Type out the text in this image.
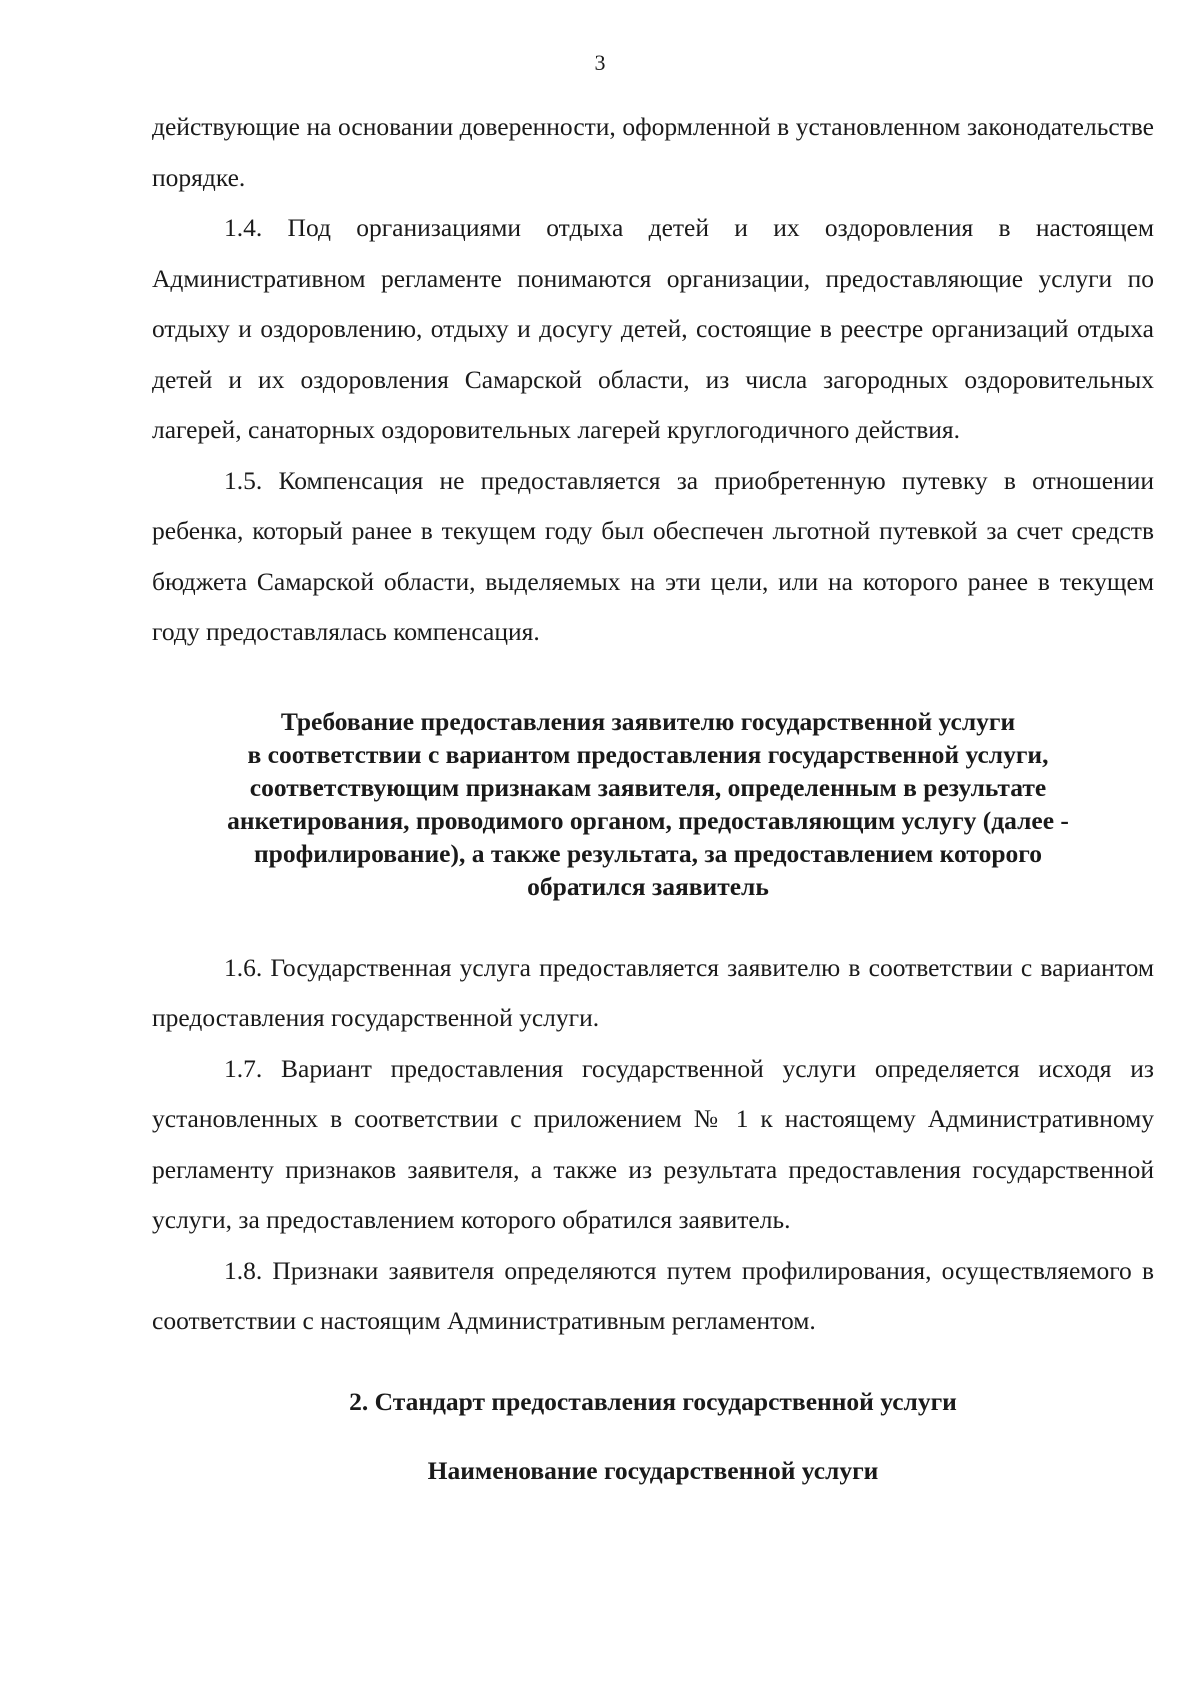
3

действующие на основании доверенности, оформленной в установленном законодательстве порядке.

1.4. Под организациями отдыха детей и их оздоровления в настоящем Административном регламенте понимаются организации, предоставляющие услуги по отдыху и оздоровлению, отдыху и досугу детей, состоящие в реестре организаций отдыха детей и их оздоровления Самарской области, из числа загородных оздоровительных лагерей, санаторных оздоровительных лагерей круглогодичного действия.

1.5. Компенсация не предоставляется за приобретенную путевку в отношении ребенка, который ранее в текущем году был обеспечен льготной путевкой за счет средств бюджета Самарской области, выделяемых на эти цели, или на которого ранее в текущем году предоставлялась компенсация.

Требование предоставления заявителю государственной услуги
в соответствии с вариантом предоставления государственной услуги,
соответствующим признакам заявителя, определенным в результате
анкетирования, проводимого органом, предоставляющим услугу (далее -
профилирование), а также результата, за предоставлением которого
обратился заявитель

1.6. Государственная услуга предоставляется заявителю в соответствии с вариантом предоставления государственной услуги.

1.7. Вариант предоставления государственной услуги определяется исходя из установленных в соответствии с приложением № 1 к настоящему Административному регламенту признаков заявителя, а также из результата предоставления государственной услуги, за предоставлением которого обратился заявитель.

1.8. Признаки заявителя определяются путем профилирования, осуществляемого в соответствии с настоящим Административным регламентом.

2. Стандарт предоставления государственной услуги
Наименование государственной услуги
